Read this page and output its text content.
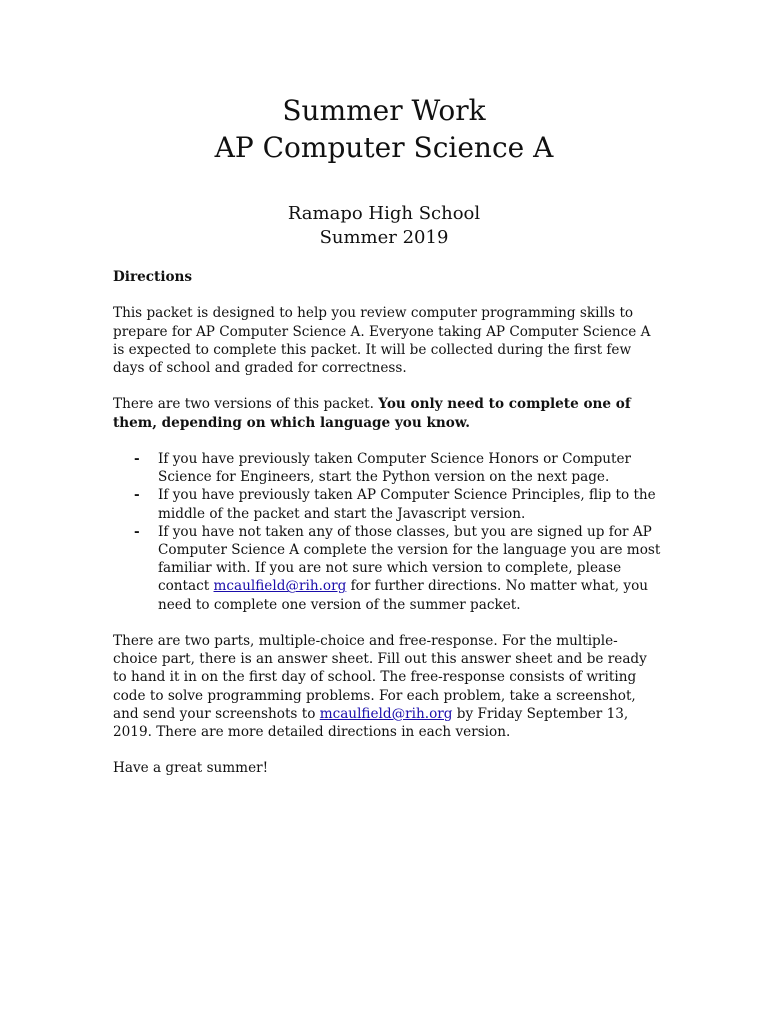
Summer Work
AP Computer Science A
Ramapo High School
Summer 2019

Directions

This packet is designed to help you review computer programming skills to prepare for AP Computer Science A. Everyone taking AP Computer Science A is expected to complete this packet. It will be collected during the first few days of school and graded for correctness.

There are two versions of this packet. You only need to complete one of them, depending on which language you know.

- If you have previously taken Computer Science Honors or Computer Science for Engineers, start the Python version on the next page.
- If you have previously taken AP Computer Science Principles, flip to the middle of the packet and start the Javascript version.
- If you have not taken any of those classes, but you are signed up for AP Computer Science A complete the version for the language you are most familiar with. If you are not sure which version to complete, please contact mcaulfield@rih.org for further directions. No matter what, you need to complete one version of the summer packet.

There are two parts, multiple-choice and free-response. For the multiple-choice part, there is an answer sheet. Fill out this answer sheet and be ready to hand it in on the first day of school. The free-response consists of writing code to solve programming problems. For each problem, take a screenshot, and send your screenshots to mcaulfield@rih.org by Friday September 13, 2019. There are more detailed directions in each version.

Have a great summer!
